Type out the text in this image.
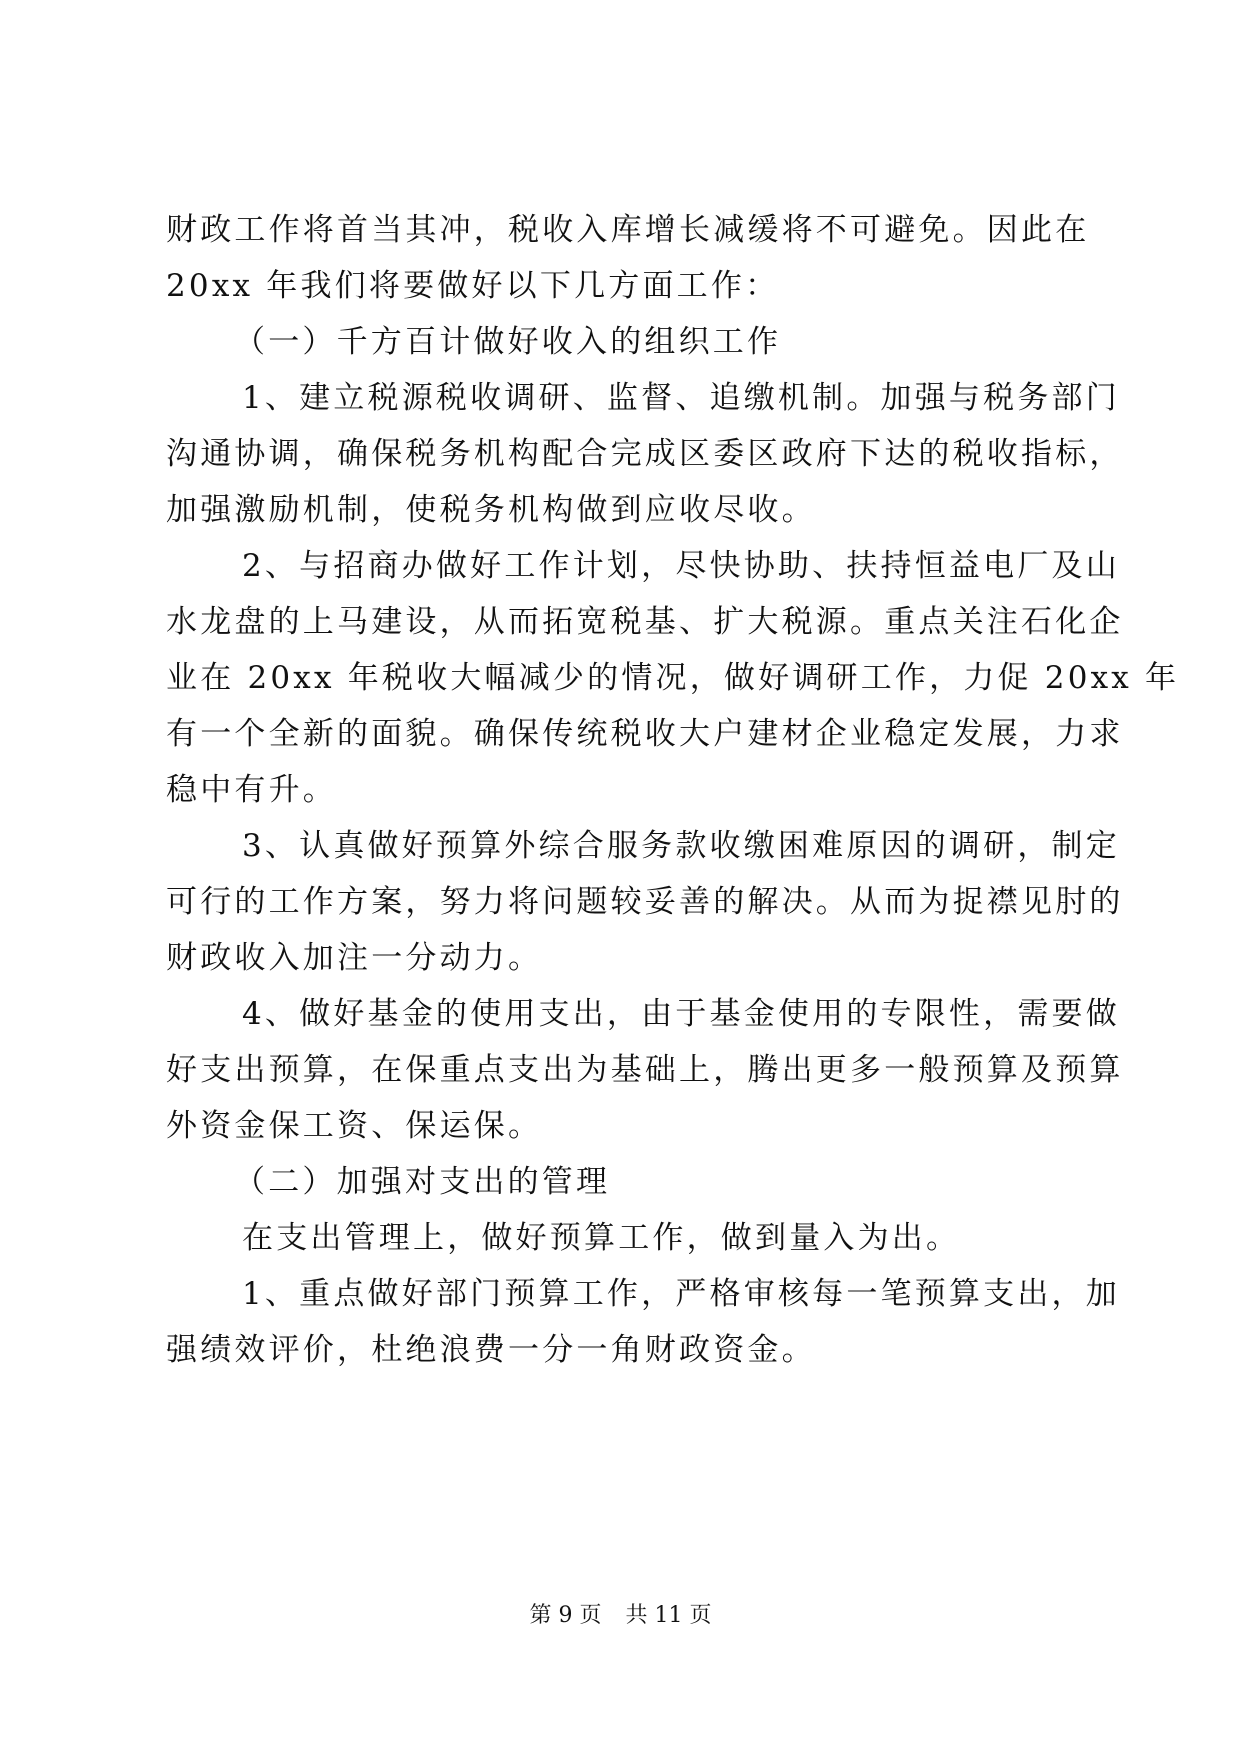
财政工作将首当其冲，税收入库增长减缓将不可避免。因此在
20xx 年我们将要做好以下几方面工作：
（一）千方百计做好收入的组织工作
1、建立税源税收调研、监督、追缴机制。加强与税务部门
沟通协调，确保税务机构配合完成区委区政府下达的税收指标，
加强激励机制，使税务机构做到应收尽收。
2、与招商办做好工作计划，尽快协助、扶持恒益电厂及山
水龙盘的上马建设，从而拓宽税基、扩大税源。重点关注石化企
业在 20xx 年税收大幅减少的情况，做好调研工作，力促 20xx 年
有一个全新的面貌。确保传统税收大户建材企业稳定发展，力求
稳中有升。
3、认真做好预算外综合服务款收缴困难原因的调研，制定
可行的工作方案，努力将问题较妥善的解决。从而为捉襟见肘的
财政收入加注一分动力。
4、做好基金的使用支出，由于基金使用的专限性，需要做
好支出预算，在保重点支出为基础上，腾出更多一般预算及预算
外资金保工资、保运保。
（二）加强对支出的管理
在支出管理上，做好预算工作，做到量入为出。
1、重点做好部门预算工作，严格审核每一笔预算支出，加
强绩效评价，杜绝浪费一分一角财政资金。
第 9 页 共 11 页
